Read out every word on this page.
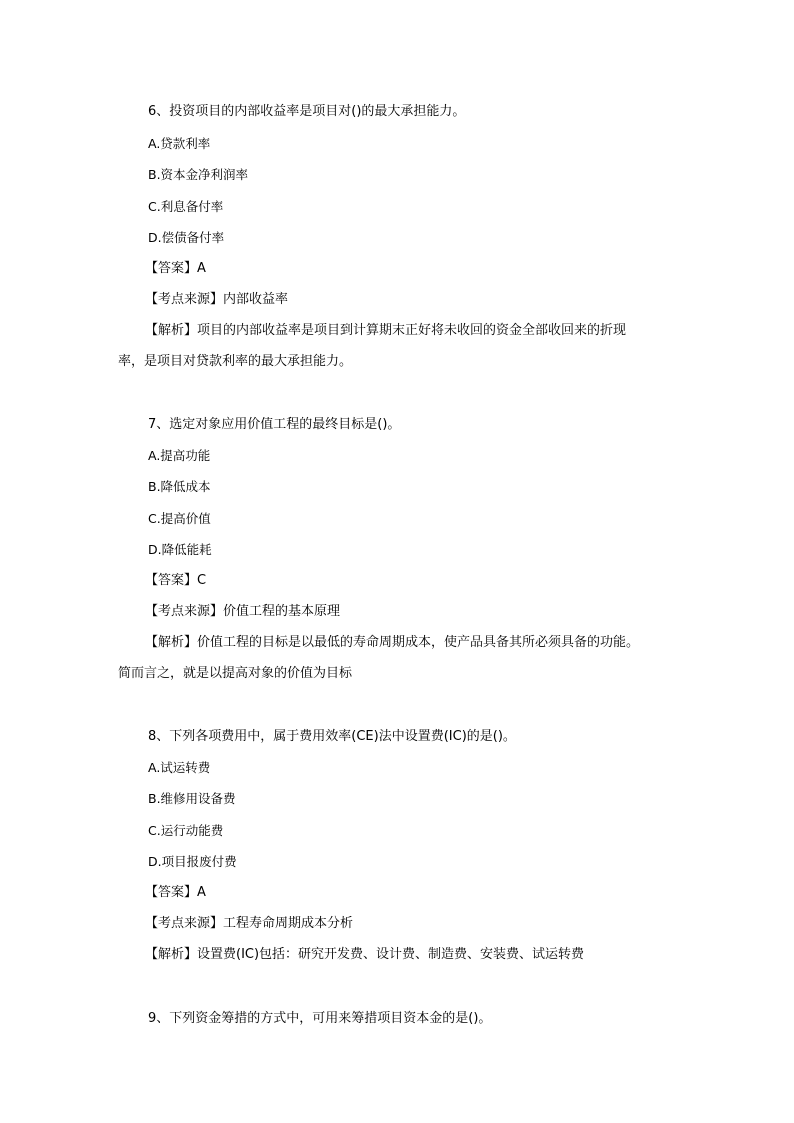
6、投资项目的内部收益率是项目对()的最大承担能力。
A.贷款利率
B.资本金净利润率
C.利息备付率
D.偿债备付率
【答案】A
【考点来源】内部收益率
【解析】项目的内部收益率是项目到计算期末正好将未收回的资金全部收回来的折现
率，是项目对贷款利率的最大承担能力。
7、选定对象应用价值工程的最终目标是()。
A.提高功能
B.降低成本
C.提高价值
D.降低能耗
【答案】C
【考点来源】价值工程的基本原理
【解析】价值工程的目标是以最低的寿命周期成本，使产品具备其所必须具备的功能。
简而言之，就是以提高对象的价值为目标
8、下列各项费用中，属于费用效率(CE)法中设置费(IC)的是()。
A.试运转费
B.维修用设备费
C.运行动能费
D.项目报废付费
【答案】A
【考点来源】工程寿命周期成本分析
【解析】设置费(IC)包括：研究开发费、设计费、制造费、安装费、试运转费
9、下列资金筹措的方式中，可用来筹措项目资本金的是()。
